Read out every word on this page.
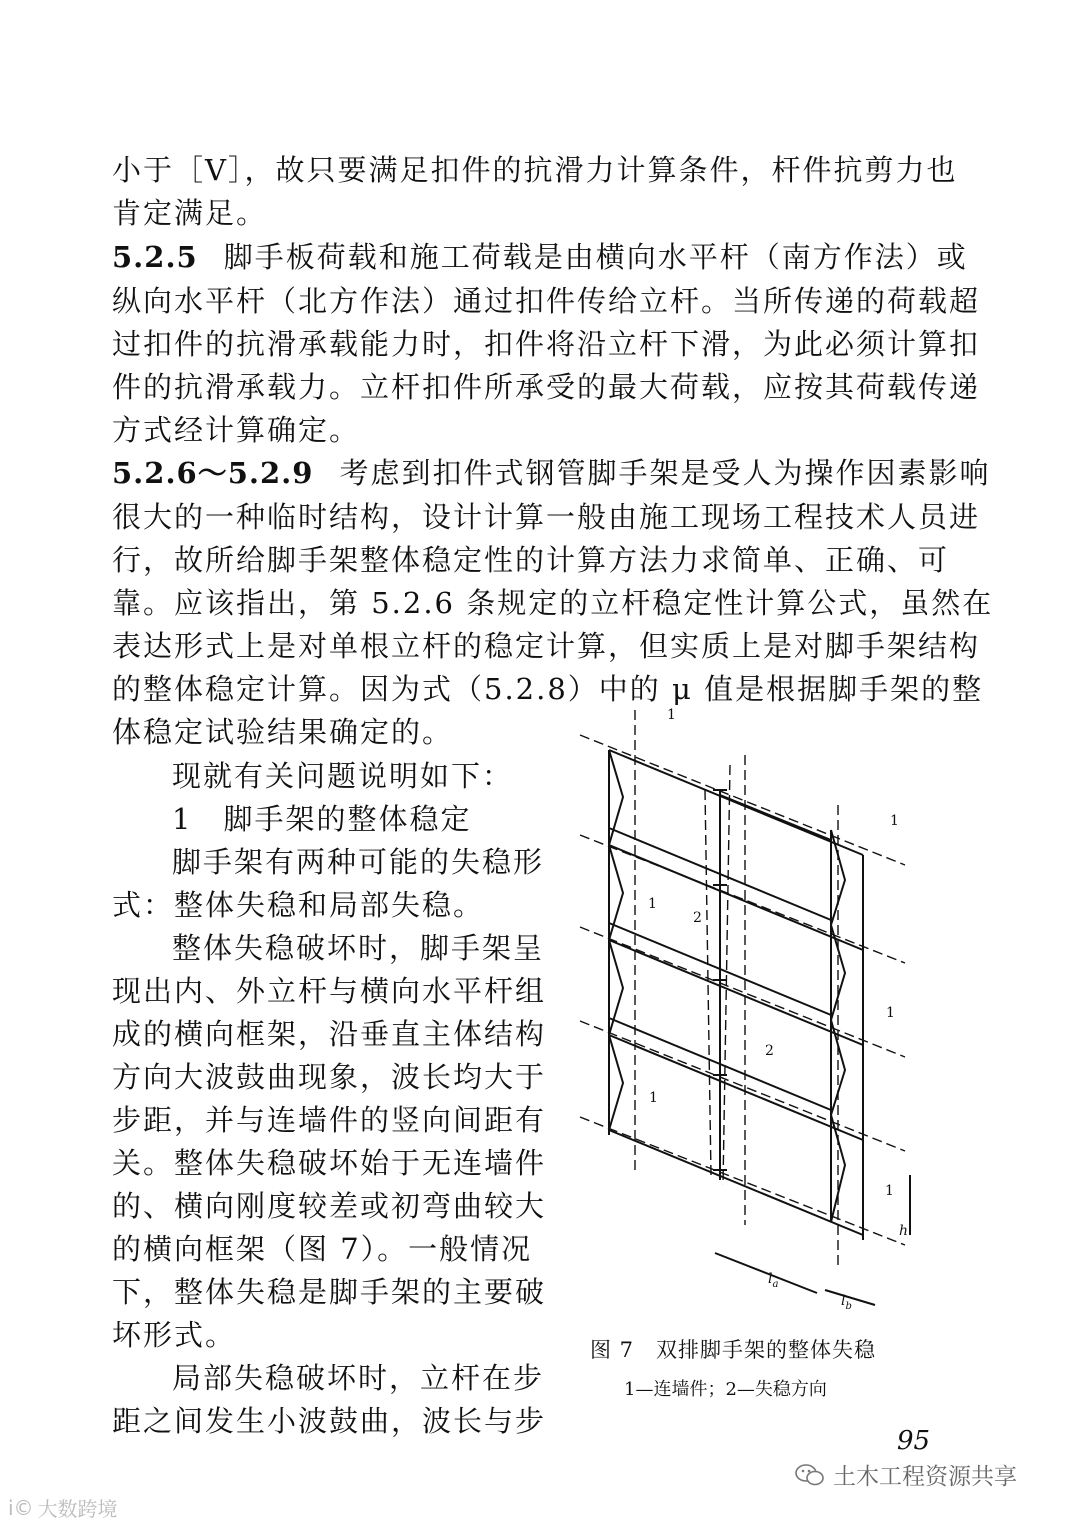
小于［V］，故只要满足扣件的抗滑力计算条件，杆件抗剪力也
肯定满足。
5.2.5 脚手板荷载和施工荷载是由横向水平杆（南方作法）或
纵向水平杆（北方作法）通过扣件传给立杆。当所传递的荷载超
过扣件的抗滑承载能力时，扣件将沿立杆下滑，为此必须计算扣
件的抗滑承载力。立杆扣件所承受的最大荷载，应按其荷载传递
方式经计算确定。
5.2.6～5.2.9 考虑到扣件式钢管脚手架是受人为操作因素影响
很大的一种临时结构，设计计算一般由施工现场工程技术人员进
行，故所给脚手架整体稳定性的计算方法力求简单、正确、可
靠。应该指出，第 5.2.6 条规定的立杆稳定性计算公式，虽然在
表达形式上是对单根立杆的稳定计算，但实质上是对脚手架结构
的整体稳定计算。因为式（5.2.8）中的 μ 值是根据脚手架的整
体稳定试验结果确定的。
现就有关问题说明如下：
1　脚手架的整体稳定
脚手架有两种可能的失稳形
式：整体失稳和局部失稳。
整体失稳破坏时，脚手架呈
现出内、外立杆与横向水平杆组
成的横向框架，沿垂直主体结构
方向大波鼓曲现象，波长均大于
步距，并与连墙件的竖向间距有
关。整体失稳破坏始于无连墙件
的、横向刚度较差或初弯曲较大
的横向框架（图 7）。一般情况
下，整体失稳是脚手架的主要破
坏形式。
局部失稳破坏时，立杆在步
距之间发生小波鼓曲，波长与步
1
1
1
1
1
1
2
2
$l_a$
$l_b$
h
图 7　双排脚手架的整体失稳
1—连墙件；2—失稳方向
95
土木工程资源共享
i© 大数跨境
